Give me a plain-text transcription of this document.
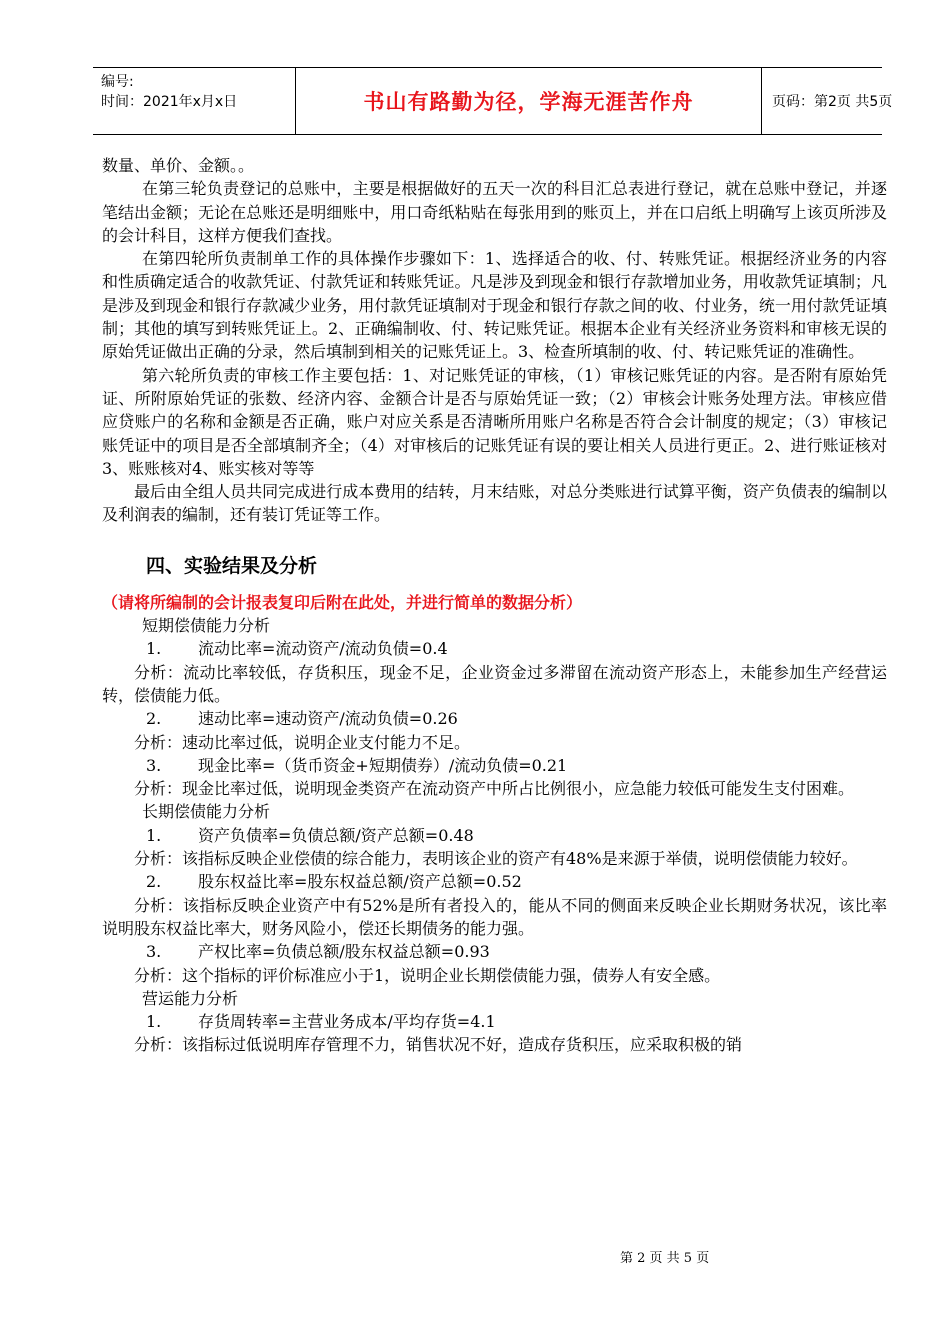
编号:
时间：2021年x月x日	书山有路勤为径，学海无涯苦作舟	页码：第2页 共5页

数量、单价、金额。。

在第三轮负责登记的总账中，主要是根据做好的五天一次的科目汇总表进行登记，就在总账中登记，并逐笔结出金额；无论在总账还是明细账中，用口奇纸粘贴在每张用到的账页上，并在口启纸上明确写上该页所涉及的会计科目，这样方便我们查找。

在第四轮所负责制单工作的具体操作步骤如下：1、选择适合的收、付、转账凭证。根据经济业务的内容和性质确定适合的收款凭证、付款凭证和转账凭证。凡是涉及到现金和银行存款增加业务，用收款凭证填制；凡是涉及到现金和银行存款减少业务，用付款凭证填制对于现金和银行存款之间的收、付业务，统一用付款凭证填制；其他的填写到转账凭证上。2、正确编制收、付、转记账凭证。根据本企业有关经济业务资料和审核无误的原始凭证做出正确的分录，然后填制到相关的记账凭证上。3、检查所填制的收、付、转记账凭证的准确性。

第六轮所负责的审核工作主要包括：1、对记账凭证的审核，（1）审核记账凭证的内容。是否附有原始凭证、所附原始凭证的张数、经济内容、金额合计是否与原始凭证一致；（2）审核会计账务处理方法。审核应借应贷账户的名称和金额是否正确，账户对应关系是否清晰所用账户名称是否符合会计制度的规定；（3）审核记账凭证中的项目是否全部填制齐全；（4）对审核后的记账凭证有误的要让相关人员进行更正。2、进行账证核对3、账账核对4、账实核对等等

最后由全组人员共同完成进行成本费用的结转，月末结账，对总分类账进行试算平衡，资产负债表的编制以及利润表的编制，还有装订凭证等工作。

四、实验结果及分析

（请将所编制的会计报表复印后附在此处，并进行简单的数据分析）

短期偿债能力分析

1. 流动比率=流动资产/流动负债=0.4

分析：流动比率较低，存货积压，现金不足，企业资金过多滞留在流动资产形态上，未能参加生产经营运转，偿债能力低。

2. 速动比率=速动资产/流动负债=0.26

分析：速动比率过低，说明企业支付能力不足。

3. 现金比率=（货币资金+短期债券）/流动负债=0.21

分析：现金比率过低，说明现金类资产在流动资产中所占比例很小，应急能力较低可能发生支付困难。

长期偿债能力分析

1. 资产负债率=负债总额/资产总额=0.48

分析：该指标反映企业偿债的综合能力，表明该企业的资产有48%是来源于举债，说明偿债能力较好。

2. 股东权益比率=股东权益总额/资产总额=0.52

分析：该指标反映企业资产中有52%是所有者投入的，能从不同的侧面来反映企业长期财务状况，该比率说明股东权益比率大，财务风险小，偿还长期债务的能力强。

3. 产权比率=负债总额/股东权益总额=0.93

分析：这个指标的评价标准应小于1，说明企业长期偿债能力强，债券人有安全感。

营运能力分析

1. 存货周转率=主营业务成本/平均存货=4.1

分析：该指标过低说明库存管理不力，销售状况不好，造成存货积压，应采取积极的销

第 2 页 共 5 页
